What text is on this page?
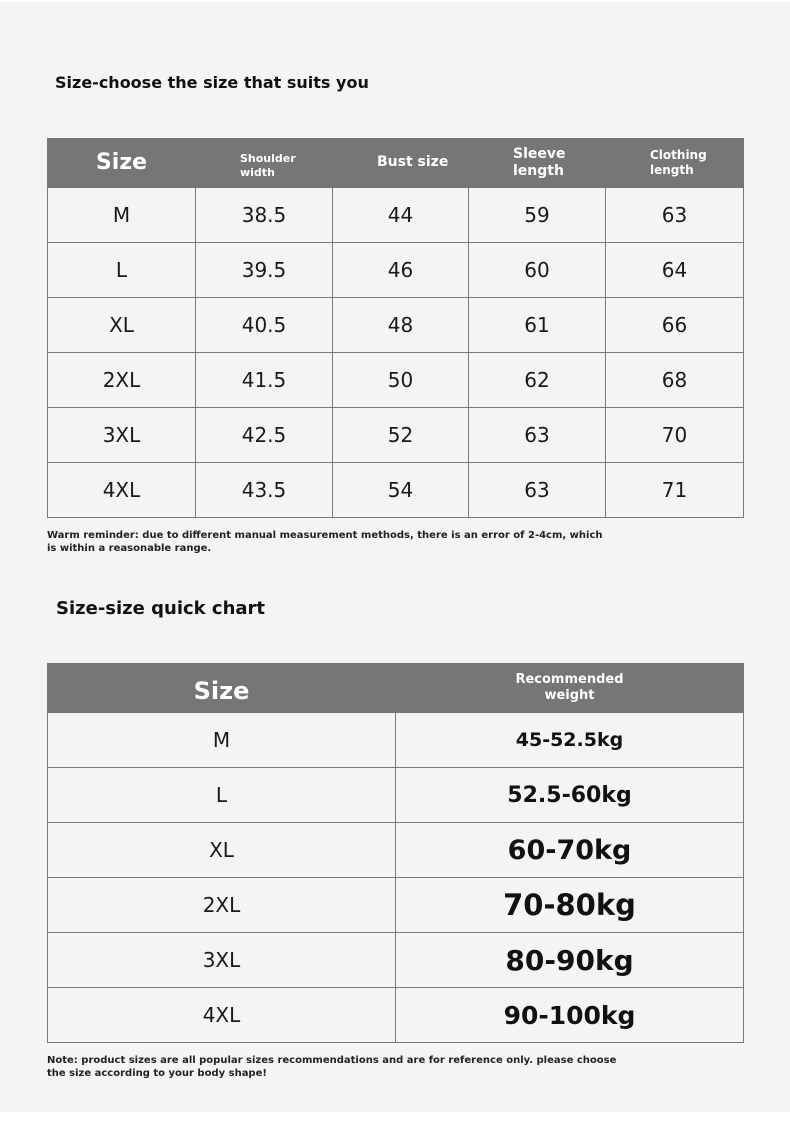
Size-choose the size that suits you
Size	Shoulder width	Bust size	Sleeve length	Clothing length
M	38.5	44	59	63
L	39.5	46	60	64
XL	40.5	48	61	66
2XL	41.5	50	62	68
3XL	42.5	52	63	70
4XL	43.5	54	63	71
Warm reminder: due to different manual measurement methods, there is an error of 2-4cm, which is within a reasonable range.
Size-size quick chart
Size	Recommended weight

M	45-52.5kg
L	52.5-60kg
XL	60-70kg
2XL	70-80kg
3XL	80-90kg
4XL	90-100kg
Note: product sizes are all popular sizes recommendations and are for reference only. please choose the size according to your body shape!
